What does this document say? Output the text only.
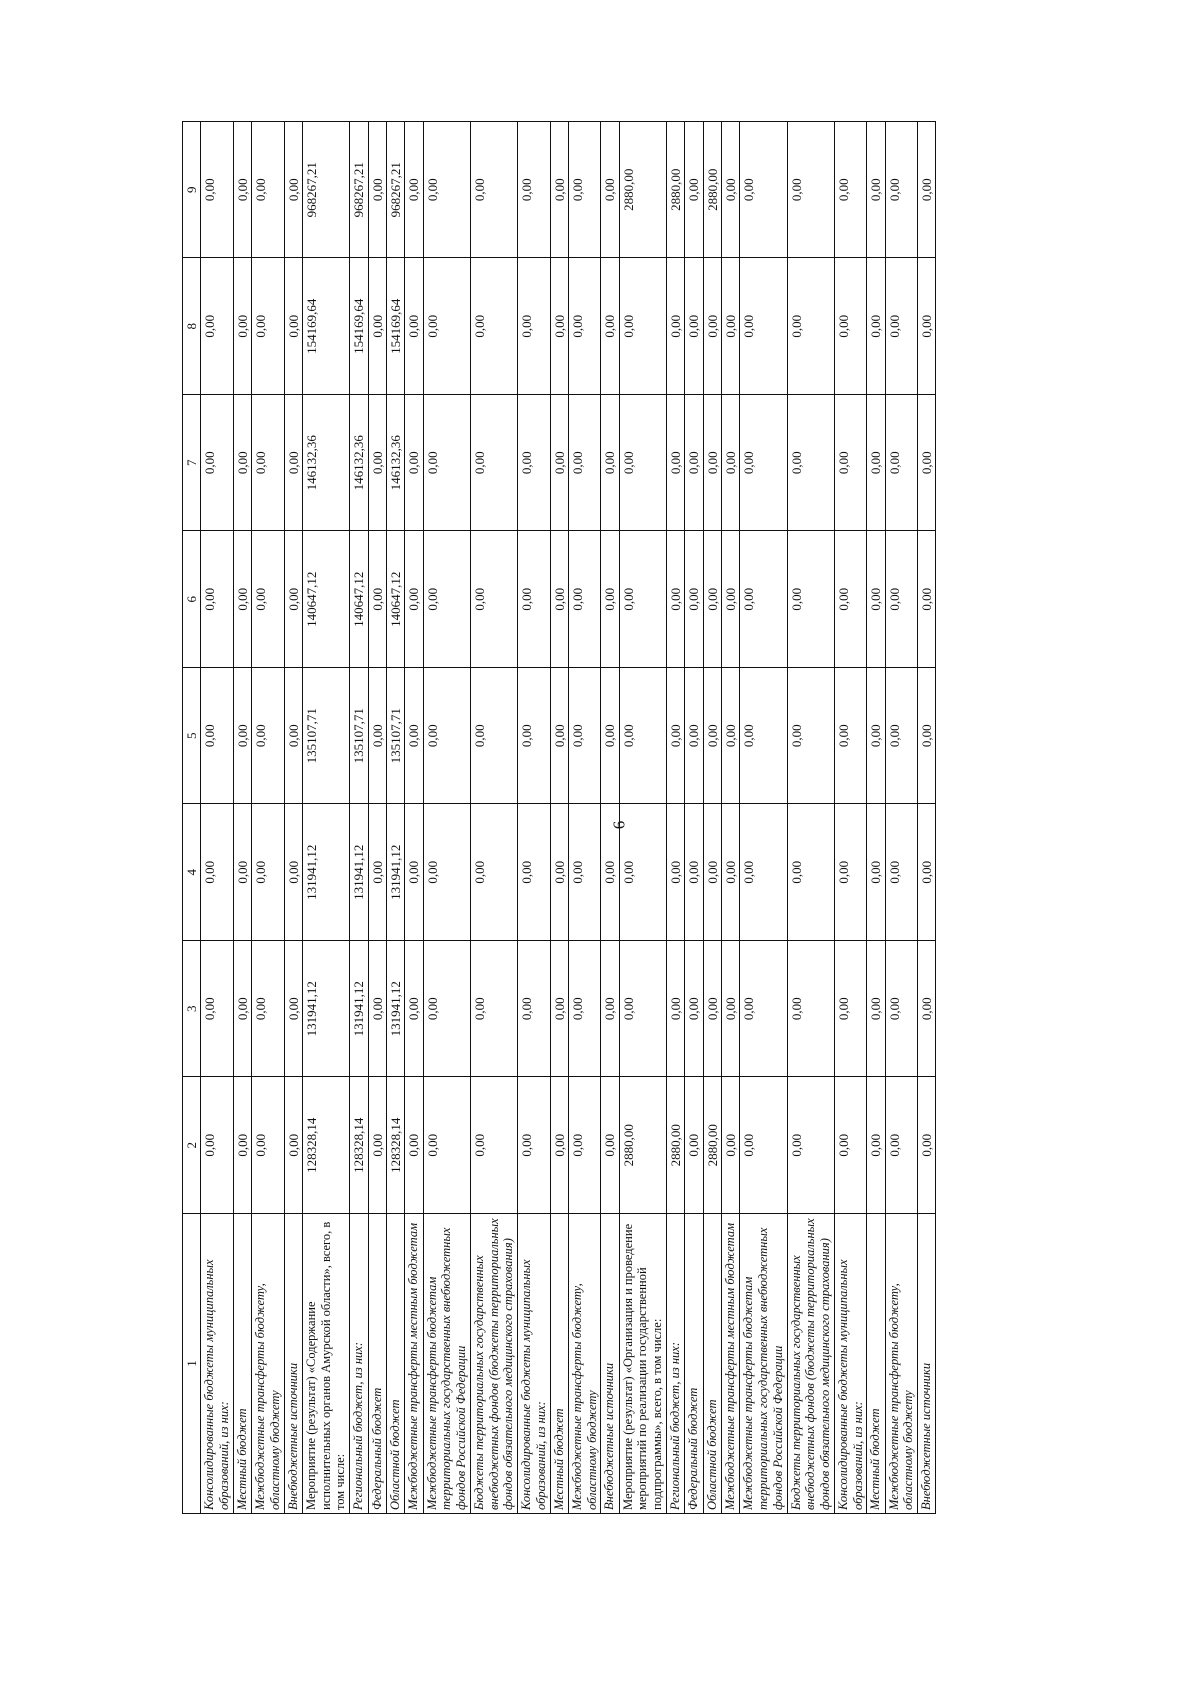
6
1	2	3	4	5	6	7	8	9
Консолидированные бюджеты муниципальных образований, из них:	0,00	0,00	0,00	0,00	0,00	0,00	0,00	0,00
Местный бюджет	0,00	0,00	0,00	0,00	0,00	0,00	0,00	0,00
Межбюджетные трансферты бюджету, областному бюджету	0,00	0,00	0,00	0,00	0,00	0,00	0,00	0,00
Внебюджетные источники	0,00	0,00	0,00	0,00	0,00	0,00	0,00	0,00
Мероприятие (результат) «Содержание исполнительных органов Амурской области», всего, в том числе:	128328,14	131941,12	131941,12	135107,71	140647,12	146132,36	154169,64	968267,21
Региональный бюджет, из них:	128328,14	131941,12	131941,12	135107,71	140647,12	146132,36	154169,64	968267,21
Федеральный бюджет	0,00	0,00	0,00	0,00	0,00	0,00	0,00	0,00
Областной бюджет	128328,14	131941,12	131941,12	135107,71	140647,12	146132,36	154169,64	968267,21
Межбюджетные трансферты местным бюджетам	0,00	0,00	0,00	0,00	0,00	0,00	0,00	0,00
Межбюджетные трансферты бюджетам территориальных государственных внебюджетных фондов Российской Федерации	0,00	0,00	0,00	0,00	0,00	0,00	0,00	0,00
Бюджеты территориальных государственных внебюджетных фондов (бюджеты территориальных фондов обязательного медицинского страхования)	0,00	0,00	0,00	0,00	0,00	0,00	0,00	0,00
Консолидированные бюджеты муниципальных образований, из них:	0,00	0,00	0,00	0,00	0,00	0,00	0,00	0,00
Местный бюджет	0,00	0,00	0,00	0,00	0,00	0,00	0,00	0,00
Межбюджетные трансферты бюджету, областному бюджету	0,00	0,00	0,00	0,00	0,00	0,00	0,00	0,00
Внебюджетные источники	0,00	0,00	0,00	0,00	0,00	0,00	0,00	0,00
Мероприятие (результат) «Организация и проведение мероприятий по реализации государственной подпрограммы», всего, в том числе:	2880,00	0,00	0,00	0,00	0,00	0,00	0,00	2880,00
Региональный бюджет, из них:	2880,00	0,00	0,00	0,00	0,00	0,00	0,00	2880,00
Федеральный бюджет	0,00	0,00	0,00	0,00	0,00	0,00	0,00	0,00
Областной бюджет	2880,00	0,00	0,00	0,00	0,00	0,00	0,00	2880,00
Межбюджетные трансферты местным бюджетам	0,00	0,00	0,00	0,00	0,00	0,00	0,00	0,00
Межбюджетные трансферты бюджетам территориальных государственных внебюджетных фондов Российской Федерации	0,00	0,00	0,00	0,00	0,00	0,00	0,00	0,00
Бюджеты территориальных государственных внебюджетных фондов (бюджеты территориальных фондов обязательного медицинского страхования)	0,00	0,00	0,00	0,00	0,00	0,00	0,00	0,00
Консолидированные бюджеты муниципальных образований, из них:	0,00	0,00	0,00	0,00	0,00	0,00	0,00	0,00
Местный бюджет	0,00	0,00	0,00	0,00	0,00	0,00	0,00	0,00
Межбюджетные трансферты бюджету, областному бюджету	0,00	0,00	0,00	0,00	0,00	0,00	0,00	0,00
Внебюджетные источники	0,00	0,00	0,00	0,00	0,00	0,00	0,00	0,00
